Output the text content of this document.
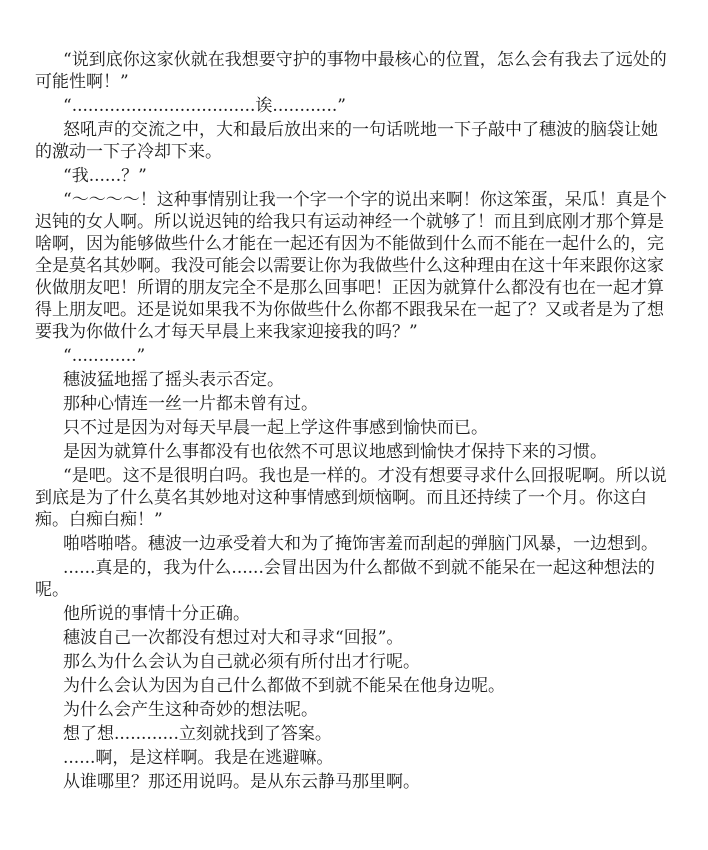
“说到底你这家伙就在我想要守护的事物中最核心的位置，怎么会有我去了远处的
可能性啊！”
“..................................诶............”
怒吼声的交流之中，大和最后放出来的一句话咣地一下子敲中了穗波的脑袋让她
的激动一下子冷却下来。
“我......？”
“～～～～！这种事情别让我一个字一个字的说出来啊！你这笨蛋，呆瓜！真是个
迟钝的女人啊。所以说迟钝的给我只有运动神经一个就够了！而且到底刚才那个算是
啥啊，因为能够做些什么才能在一起还有因为不能做到什么而不能在一起什么的，完
全是莫名其妙啊。我没可能会以需要让你为我做些什么这种理由在这十年来跟你这家
伙做朋友吧！所谓的朋友完全不是那么回事吧！正因为就算什么都没有也在一起才算
得上朋友吧。还是说如果我不为你做些什么你都不跟我呆在一起了？又或者是为了想
要我为你做什么才每天早晨上来我家迎接我的吗？”
“............”
穗波猛地摇了摇头表示否定。
那种心情连一丝一片都未曾有过。
只不过是因为对每天早晨一起上学这件事感到愉快而已。
是因为就算什么事都没有也依然不可思议地感到愉快才保持下来的习惯。
“是吧。这不是很明白吗。我也是一样的。才没有想要寻求什么回报呢啊。所以说
到底是为了什么莫名其妙地对这种事情感到烦恼啊。而且还持续了一个月。你这白
痴。白痴白痴！”
啪嗒啪嗒。穗波一边承受着大和为了掩饰害羞而刮起的弹脑门风暴，一边想到。
......真是的，我为什么......会冒出因为什么都做不到就不能呆在一起这种想法的
呢。
他所说的事情十分正确。
穗波自己一次都没有想过对大和寻求“回报”。
那么为什么会认为自己就必须有所付出才行呢。
为什么会认为因为自己什么都做不到就不能呆在他身边呢。
为什么会产生这种奇妙的想法呢。
想了想............立刻就找到了答案。
......啊，是这样啊。我是在逃避嘛。
从谁哪里？那还用说吗。是从东云静马那里啊。
